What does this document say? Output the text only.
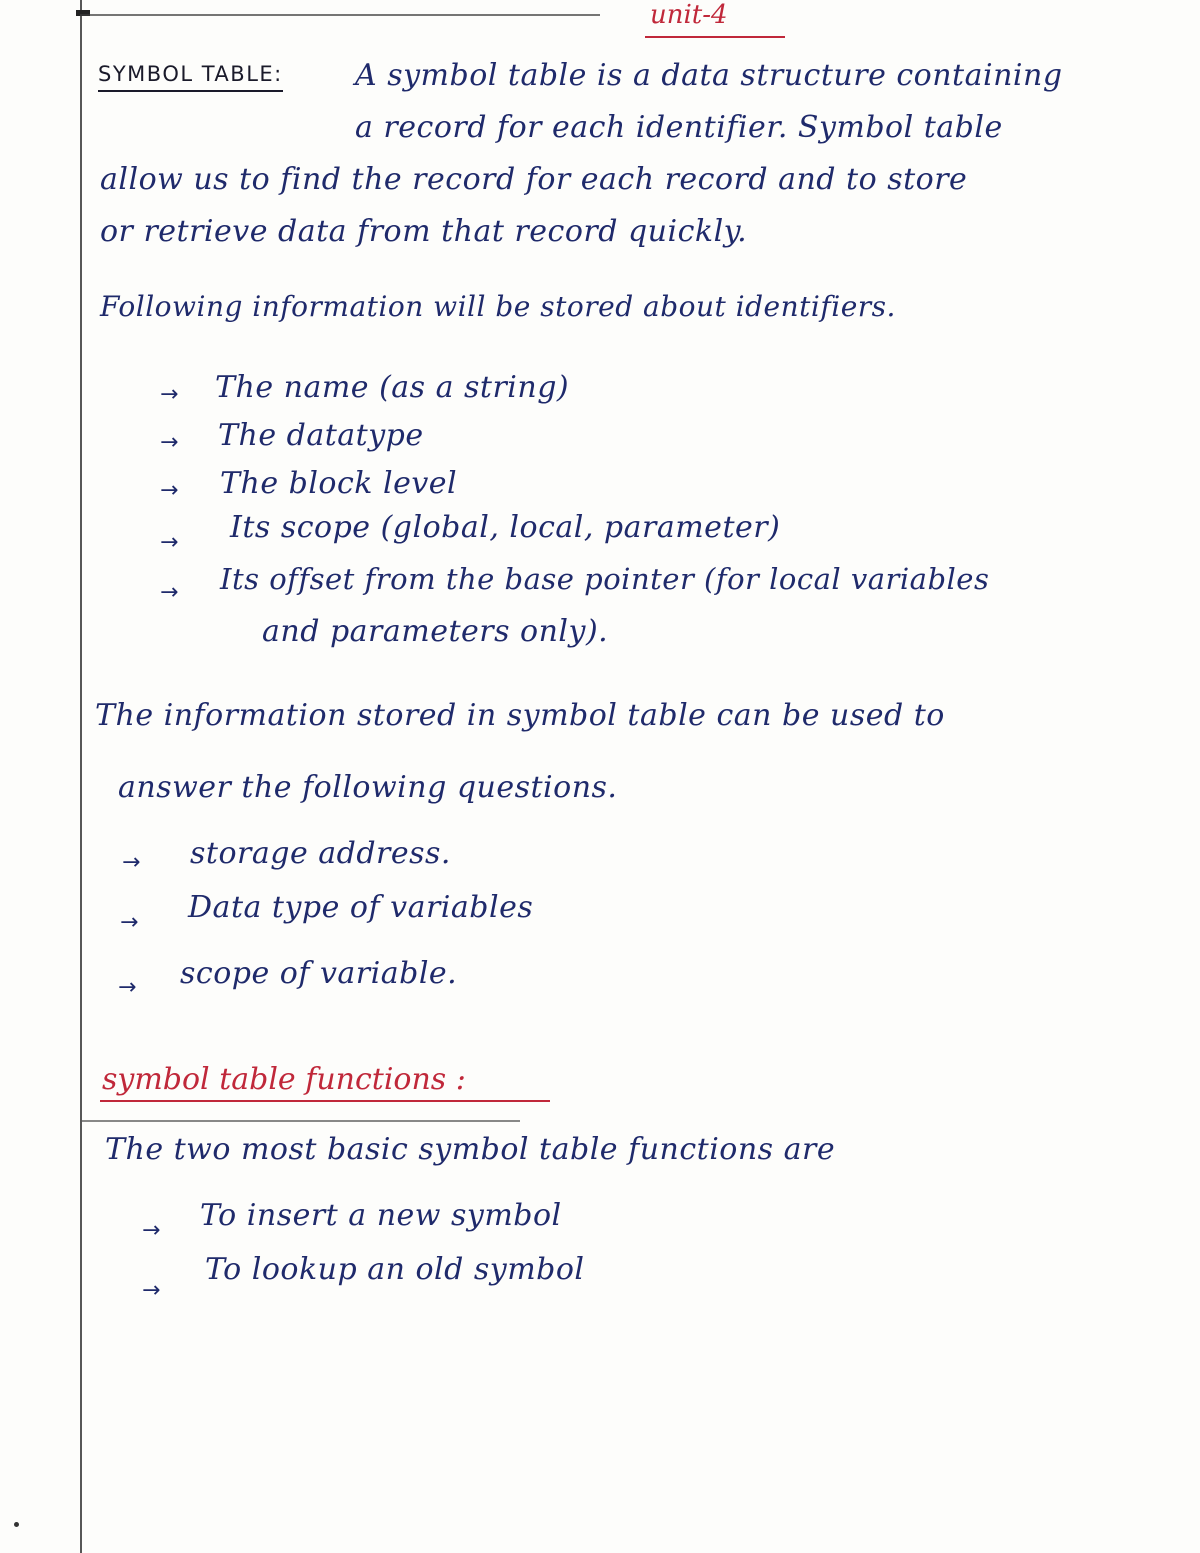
unit-4
SYMBOL TABLE: A symbol table is a data structure containing
a record for each identifier. Symbol table
allow us to find the record for each record and to store
or retrieve data from that record quickly.
Following information will be stored about identifiers.
→ The name (as a string)
→ The datatype
→ The block level
→ Its scope (global, local, parameter)
→ Its offset from the base pointer (for local variables
and parameters only).
The information stored in symbol table can be used to
answer the following questions.
→ storage address.
→ Data type of variables
→ scope of variable.
symbol table functions :
The two most basic symbol table functions are
→ To insert a new symbol
→
To lookup an old symbol
